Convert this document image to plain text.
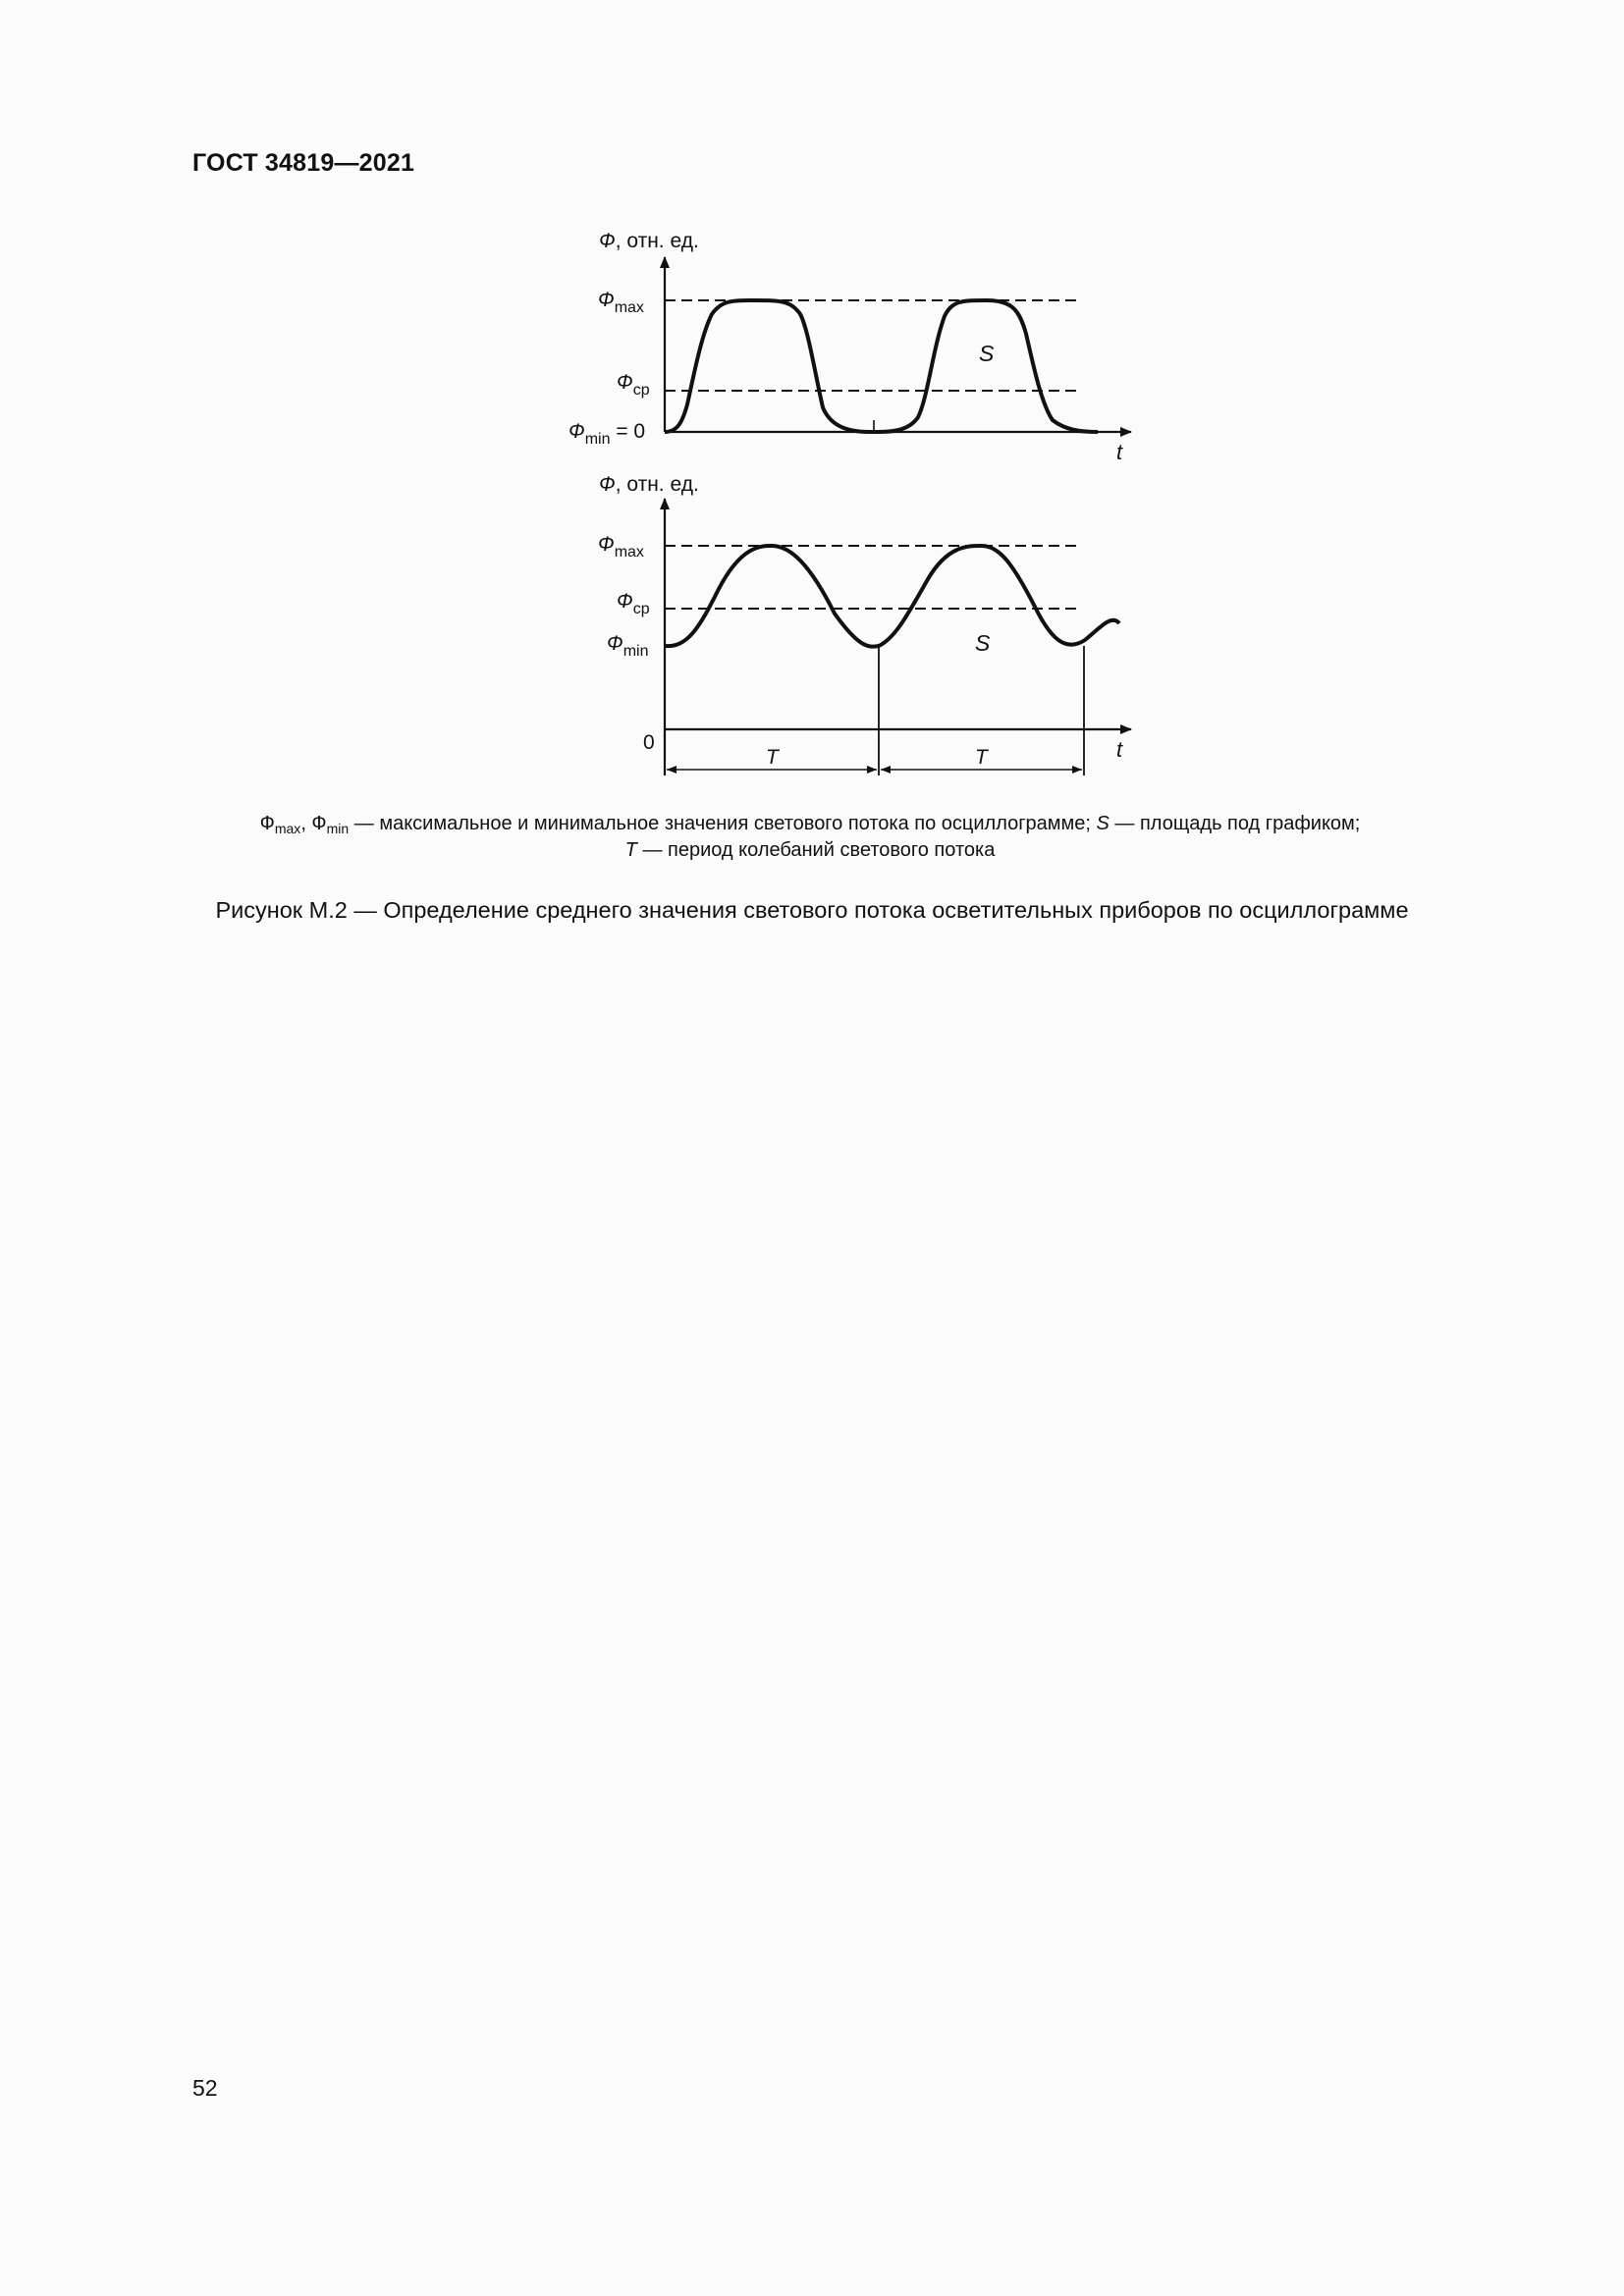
ГОСТ 34819—2021
Ф, отн. ед.
t
$Ф_{max}$
$Ф_{ср}$
$Ф_{min} = 0$
S
Ф, отн. ед.
t
$Ф_{max}$
$Ф_{ср}$
$Ф_{min}$
0
T	T
S
$Ф_{max}$, $Ф_{min}$ — максимальное и минимальное значения светового потока по осциллограмме; S — площадь под графиком;
T — период колебаний светового потока
Рисунок М.2 — Определение среднего значения светового потока осветительных приборов по осциллограмме
52
